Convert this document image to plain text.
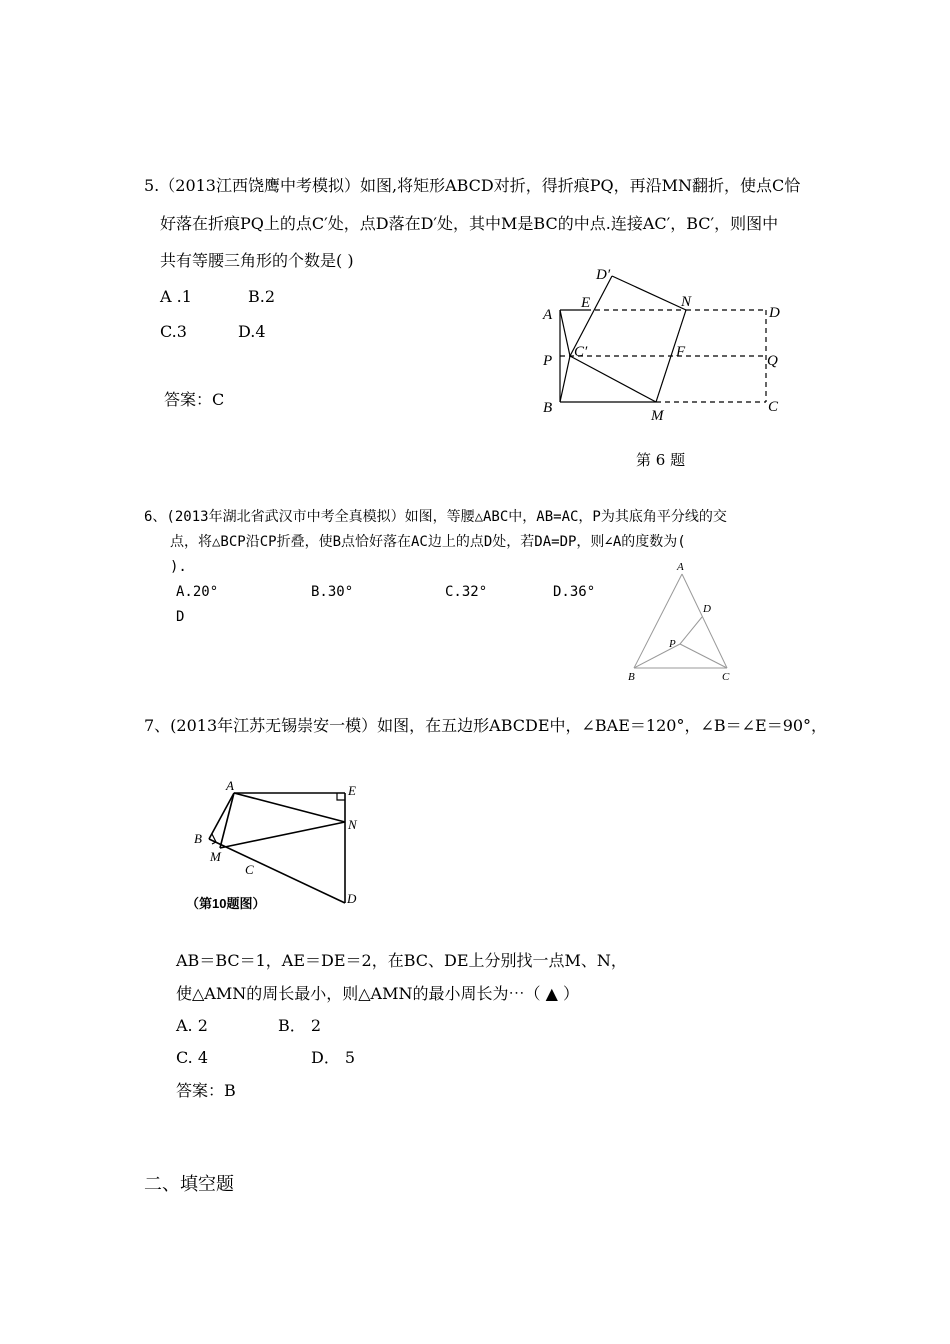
5.（2013江西饶鹰中考模拟）如图,将矩形ABCD对折，得折痕PQ，再沿MN翻折，使点C恰
好落在折痕PQ上的点C′处，点D落在D′处，其中M是BC的中点.连接AC′，BC′，则图中
共有等腰三角形的个数是( )
A .1	B.2
C.3	D.4
答案：C
D′
E	N
A	D
P
C′	F
Q
B	M
C
第 6 题
6、(2013年湖北省武汉市中考全真模拟）如图，等腰△ABC中，AB=AC，P为其底角平分线的交
点，将△BCP沿CP折叠，使B点恰好落在AC边上的点D处，若DA=DP，则∠A的度数为(
).
A.20°	B.30°	C.32°	D.36°
D
A
D
P
B	C
7、(2013年江苏无锡崇安一模）如图，在五边形ABCDE中，∠BAE＝120°，∠B＝∠E＝90°，
A	E
N
B
M
C
D
（第10题图）
AB＝BC＝1，AE＝DE＝2，在BC、DE上分别找一点M、N，
使△AMN的周长最小，则△AMN的最小周长为⋯（ ▲ ）
A. 2	B． 2
C. 4	D． 5
答案：B
二、填空题
